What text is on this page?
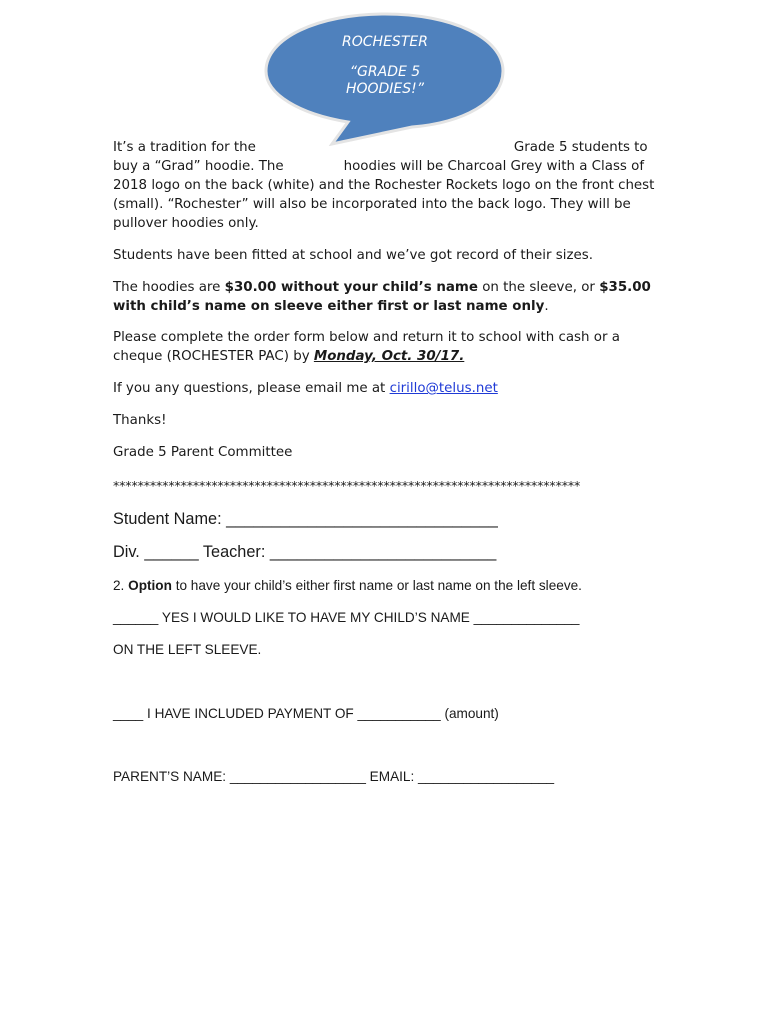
ROCHESTER
“GRADE 5
HOODIES!”
It’s a tradition for the	Grade 5 students to
buy a “Grad” hoodie. The	hoodies will be Charcoal Grey with a Class of
2018 logo on the back (white) and the Rochester Rockets logo on the front chest
(small). “Rochester” will also be incorporated into the back logo. They will be
pullover hoodies only.
Students have been fitted at school and we’ve got record of their sizes.
The hoodies are $30.00 without your child’s name on the sleeve, or $35.00
with child’s name on sleeve either first or last name only.
Please complete the order form below and return it to school with cash or a
cheque (ROCHESTER PAC) by Monday, Oct. 30/17.
If you any questions, please email me at cirillo@telus.net
Thanks!
Grade 5 Parent Committee
****************************************************************************
Student Name: ______________________________
Div. ______ Teacher: _________________________
2. Option to have your child’s either first name or last name on the left sleeve.
______ YES I WOULD LIKE TO HAVE MY CHILD’S NAME ______________
ON THE LEFT SLEEVE.
____ I HAVE INCLUDED PAYMENT OF ___________ (amount)
PARENT’S NAME: __________________ EMAIL: __________________
